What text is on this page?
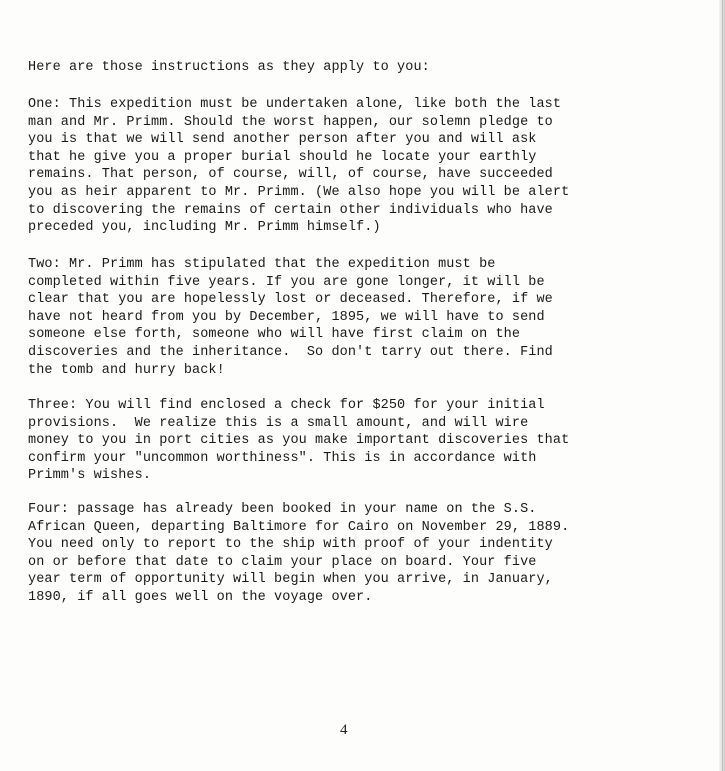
Here are those instructions as they apply to you:
One: This expedition must be undertaken alone, like both the last
man and Mr. Primm. Should the worst happen, our solemn pledge to
you is that we will send another person after you and will ask
that he give you a proper burial should he locate your earthly
remains. That person, of course, will, of course, have succeeded
you as heir apparent to Mr. Primm. (We also hope you will be alert
to discovering the remains of certain other individuals who have
preceded you, including Mr. Primm himself.)
Two: Mr. Primm has stipulated that the expedition must be
completed within five years. If you are gone longer, it will be
clear that you are hopelessly lost or deceased. Therefore, if we
have not heard from you by December, 1895, we will have to send
someone else forth, someone who will have first claim on the
discoveries and the inheritance.  So don't tarry out there. Find
the tomb and hurry back!
Three: You will find enclosed a check for $250 for your initial
provisions.  We realize this is a small amount, and will wire
money to you in port cities as you make important discoveries that
confirm your "uncommon worthiness". This is in accordance with
Primm's wishes.
Four: passage has already been booked in your name on the S.S.
African Queen, departing Baltimore for Cairo on November 29, 1889.
You need only to report to the ship with proof of your indentity
on or before that date to claim your place on board. Your five
year term of opportunity will begin when you arrive, in January,
1890, if all goes well on the voyage over.
4
